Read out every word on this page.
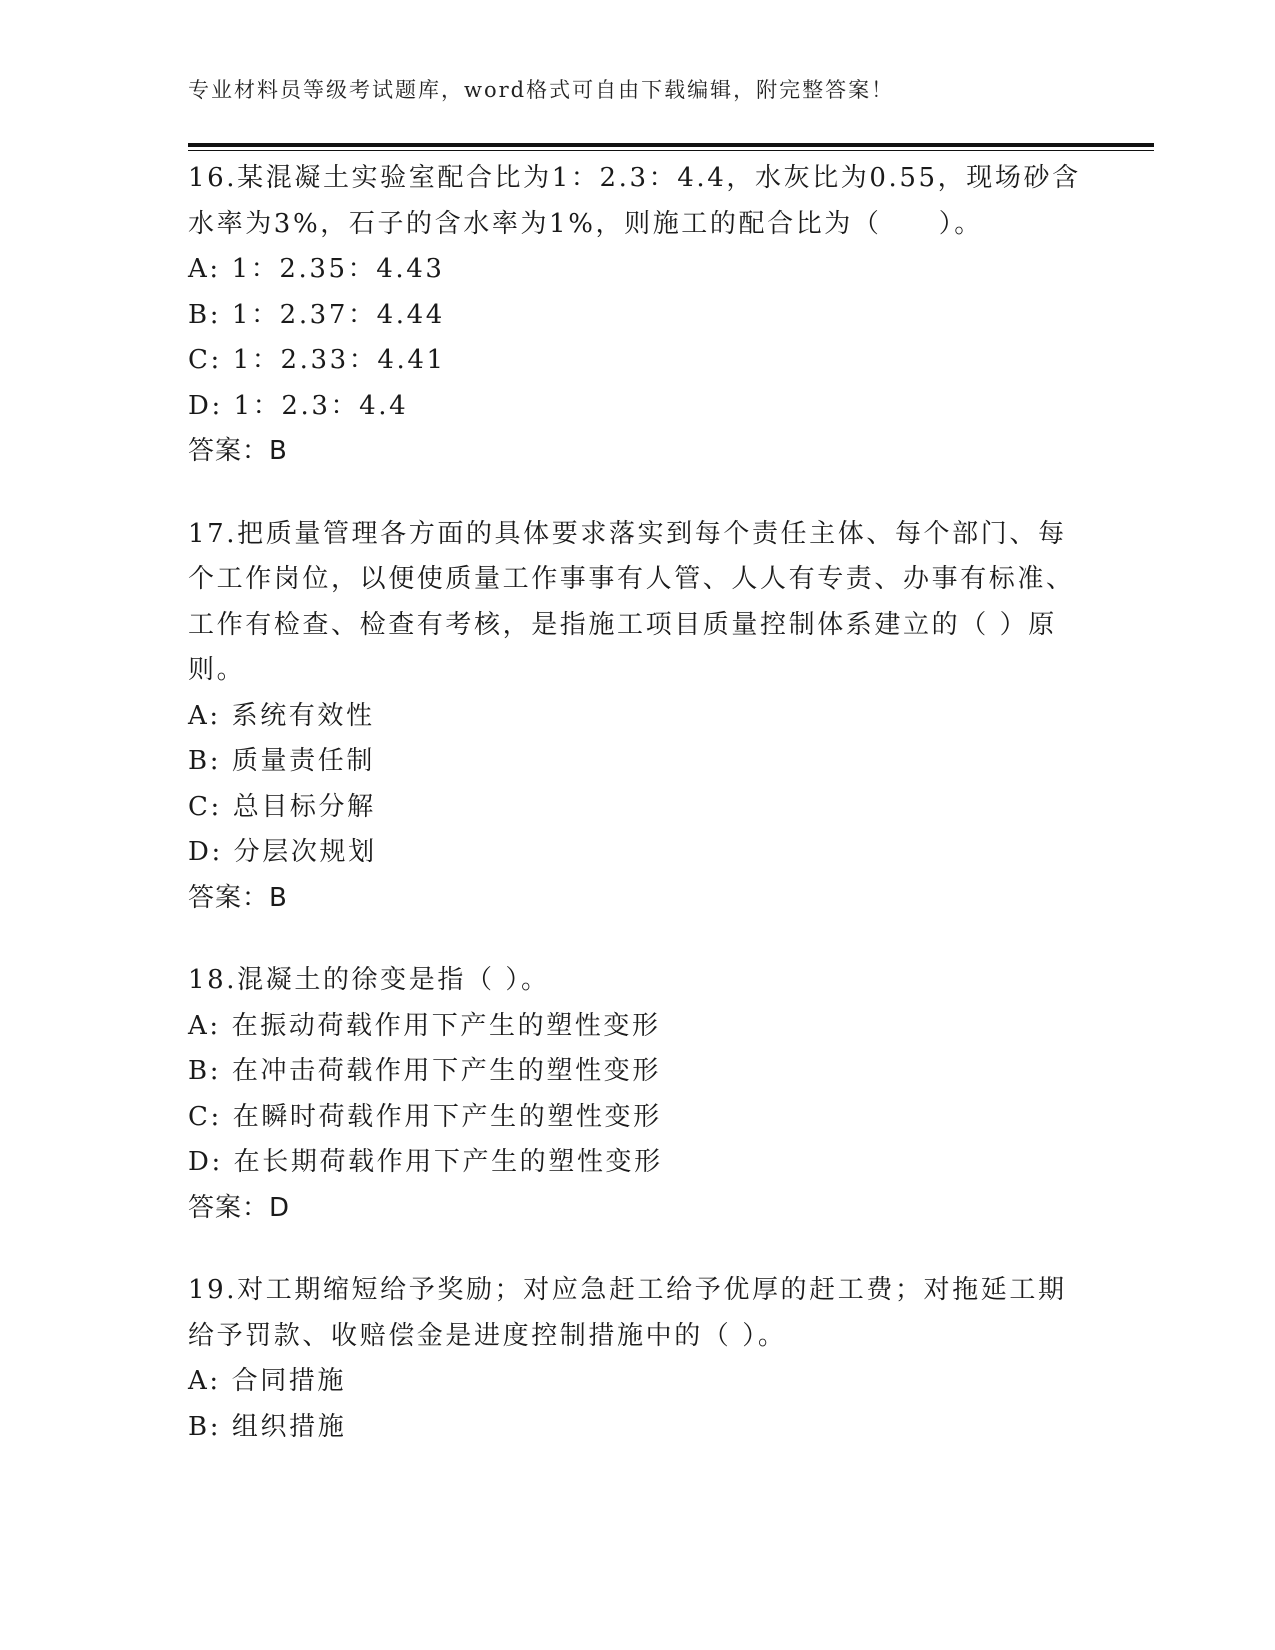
专业材料员等级考试题库，word格式可自由下载编辑，附完整答案！

16.某混凝土实验室配合比为1：2.3：4.4，水灰比为0.55，现场砂含水率为3%，石子的含水率为1%，则施工的配合比为（　　）。

A: 1：2.35：4.43

B: 1：2.37：4.44

C: 1：2.33：4.41

D: 1：2.3：4.4

答案：B

17.把质量管理各方面的具体要求落实到每个责任主体、每个部门、每个工作岗位，以便使质量工作事事有人管、人人有专责、办事有标准、工作有检查、检查有考核，是指施工项目质量控制体系建立的（ ）原则。

A: 系统有效性

B: 质量责任制

C: 总目标分解

D: 分层次规划

答案：B

18.混凝土的徐变是指（ ）。

A: 在振动荷载作用下产生的塑性变形

B: 在冲击荷载作用下产生的塑性变形

C: 在瞬时荷载作用下产生的塑性变形

D: 在长期荷载作用下产生的塑性变形

答案：D

19.对工期缩短给予奖励；对应急赶工给予优厚的赶工费；对拖延工期给予罚款、收赔偿金是进度控制措施中的（ ）。

A: 合同措施

B: 组织措施
